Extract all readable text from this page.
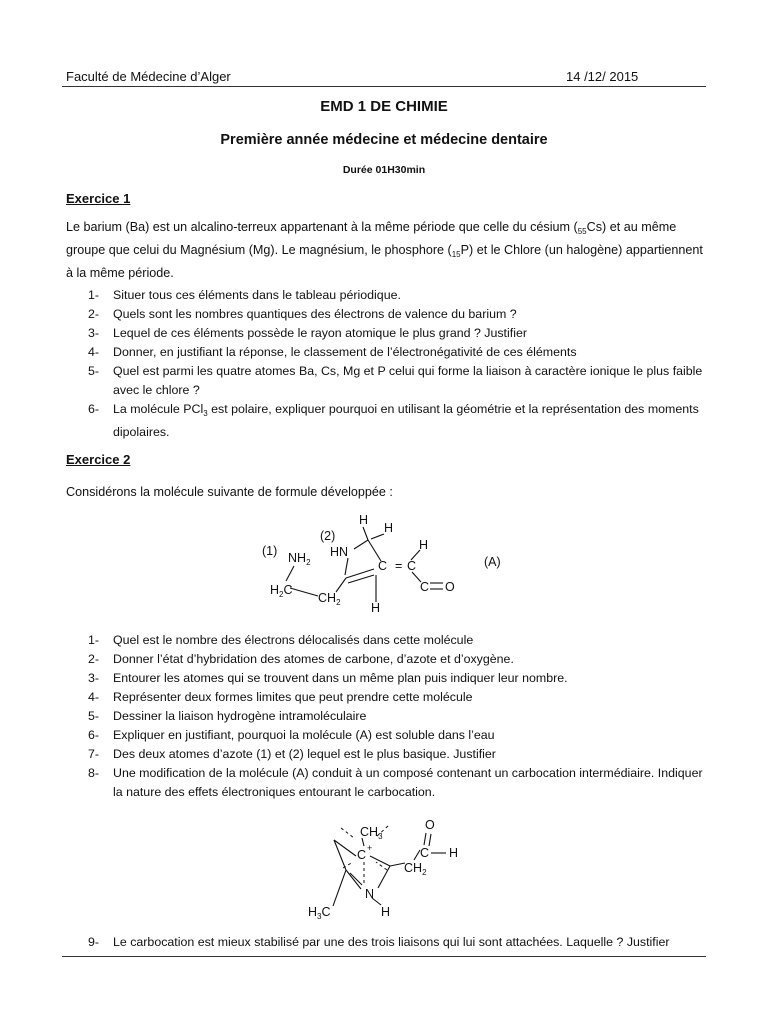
Faculté de Médecine d’Alger	14 /12/ 2015
EMD 1 DE CHIMIE
Première année médecine et médecine dentaire
Durée 01H30min
Exercice 1
Le barium (Ba) est un alcalino-terreux appartenant à la même période que celle du césium $(_{55}Cs)$ et au même groupe que celui du Magnésium (Mg). Le magnésium, le phosphore $(_{15}P)$ et le Chlore (un halogène) appartiennent à la même période.
1-	Situer tous ces éléments dans le tableau périodique.
2-	Quels sont les nombres quantiques des électrons de valence du barium ?
3-	Lequel de ces éléments possède le rayon atomique le plus grand ? Justifier
4-	Donner, en justifiant la réponse, le classement de l’électronégativité de ces éléments
5-	Quel est parmi les quatre atomes Ba, Cs, Mg et P celui qui forme la liaison à caractère ionique le plus faible avec le chlore ?
6-	La molécule PCl$_3$ est polaire, expliquer pourquoi en utilisant la géométrie et la représentation des moments dipolaires.
Exercice 2
Considérons la molécule suivante de formule développée :
(1)
(2)
$NH_2$
HN
H
H
C = C
H
C O
H
$H_2C$
$CH_2$
(A)
1-	Quel est le nombre des électrons délocalisés dans cette molécule
2-	Donner l’état d’hybridation des atomes de carbone, d’azote et d’oxygène.
3-	Entourer les atomes qui se trouvent dans un même plan puis indiquer leur nombre.
4-	Représenter deux formes limites que peut prendre cette molécule
5-	Dessiner la liaison hydrogène intramoléculaire
6-	Expliquer en justifiant, pourquoi la molécule (A) est soluble dans l’eau
7-	Des deux atomes d’azote (1) et (2) lequel est le plus basique. Justifier
8-	Une modification de la molécule (A) conduit à un composé contenant un carbocation intermédiaire. Indiquer la nature des effets électroniques entourant le carbocation.
$CH_3$
C +
O
C H
$CH_2$
N
H
$H_3C$
9-	Le carbocation est mieux stabilisé par une des trois liaisons qui lui sont attachées. Laquelle ? Justifier
